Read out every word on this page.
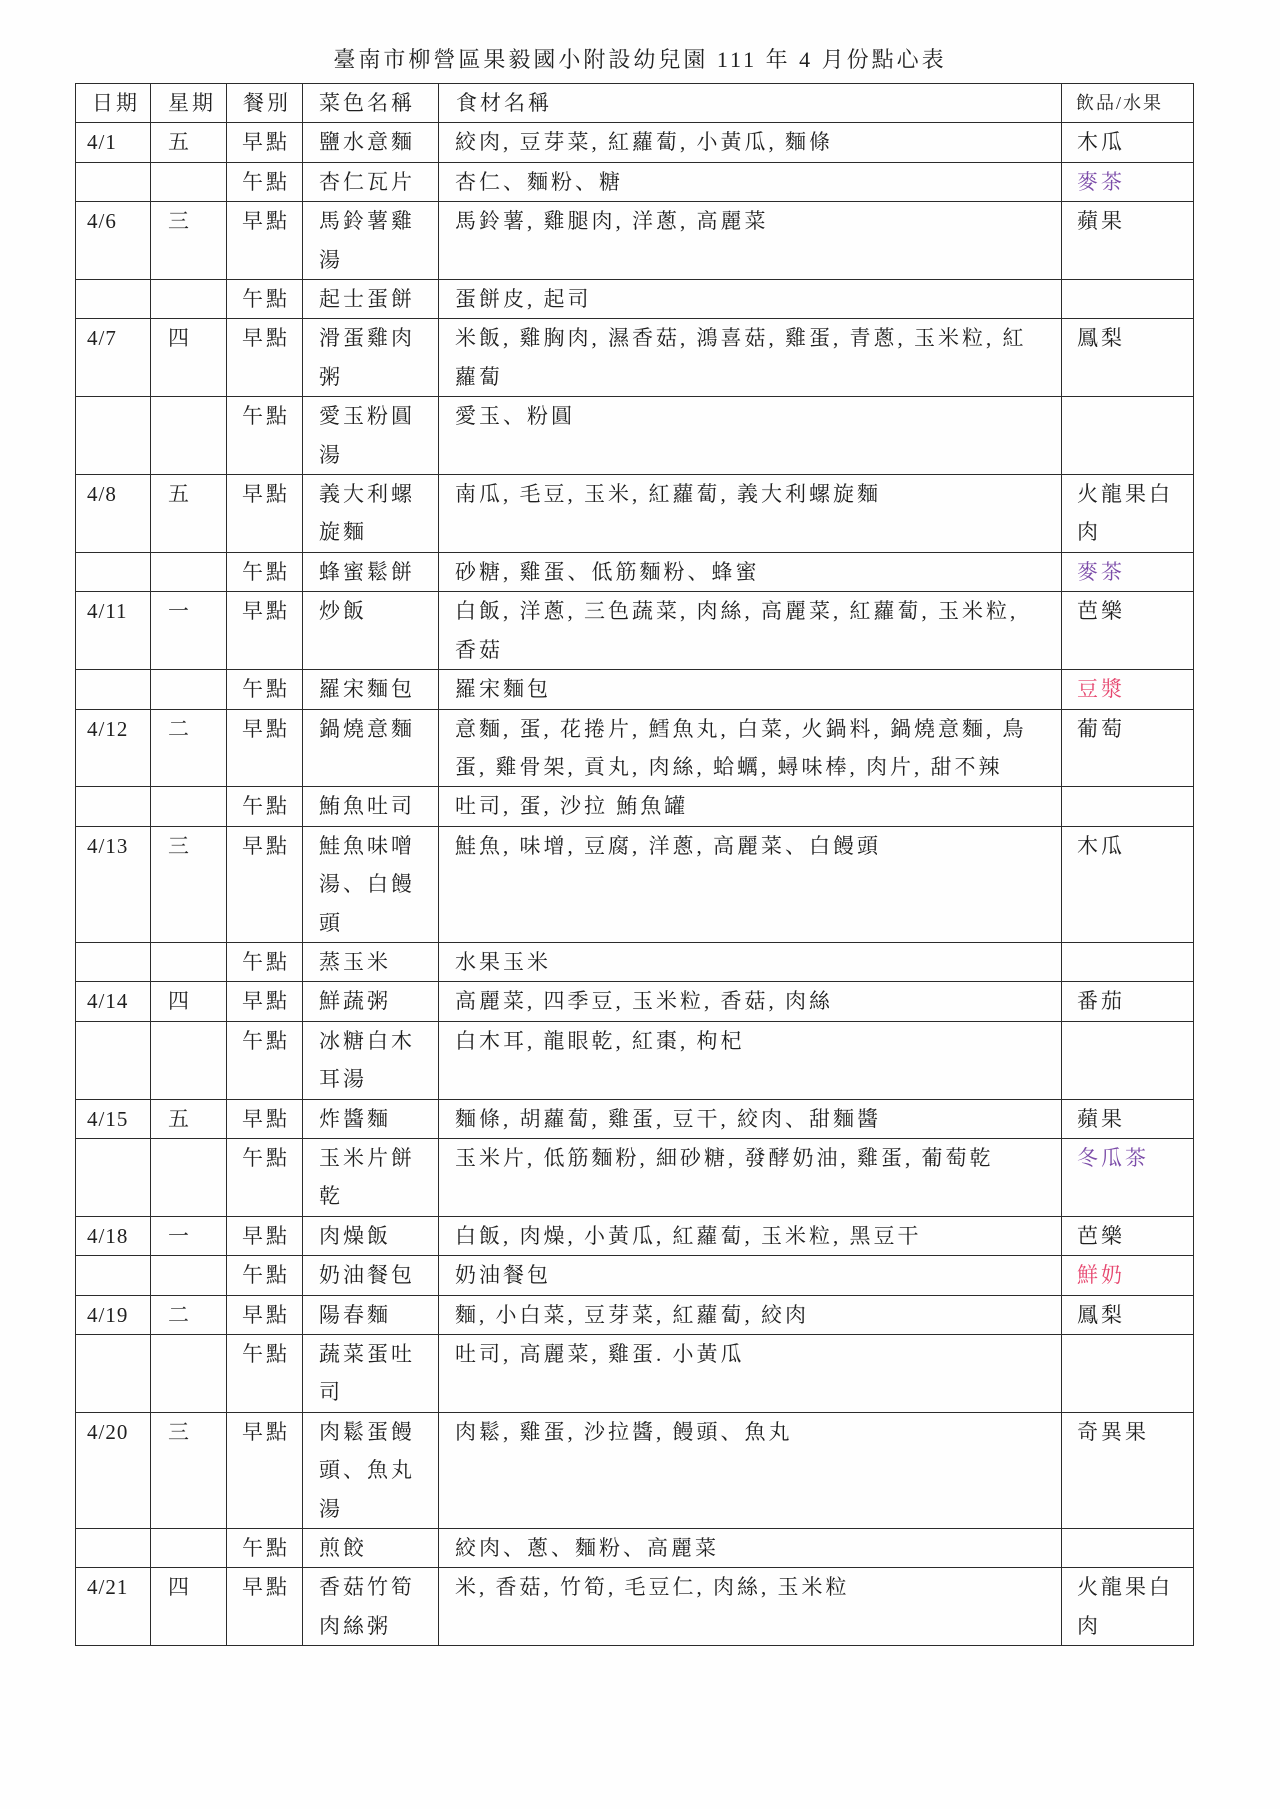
臺南市柳營區果毅國小附設幼兒園 111 年 4 月份點心表
日期	星期	餐別	菜色名稱	食材名稱	飲品/水果
4/1	五	早點	鹽水意麵	絞肉, 豆芽菜, 紅蘿蔔, 小黃瓜, 麵條	木瓜
		午點	杏仁瓦片	杏仁、麵粉、糖	麥茶
4/6	三	早點	馬鈴薯雞湯	馬鈴薯, 雞腿肉, 洋蔥, 高麗菜	蘋果
		午點	起士蛋餅	蛋餅皮, 起司	
4/7	四	早點	滑蛋雞肉粥	米飯, 雞胸肉, 濕香菇, 鴻喜菇, 雞蛋, 青蔥, 玉米粒, 紅蘿蔔	鳳梨
		午點	愛玉粉圓湯	愛玉、粉圓	
4/8	五	早點	義大利螺旋麵	南瓜, 毛豆, 玉米, 紅蘿蔔, 義大利螺旋麵	火龍果白肉
		午點	蜂蜜鬆餅	砂糖, 雞蛋、低筋麵粉、蜂蜜	麥茶
4/11	一	早點	炒飯	白飯, 洋蔥, 三色蔬菜, 肉絲, 高麗菜, 紅蘿蔔, 玉米粒, 香菇	芭樂
		午點	羅宋麵包	羅宋麵包	豆漿
4/12	二	早點	鍋燒意麵	意麵, 蛋, 花捲片, 鱈魚丸, 白菜, 火鍋料, 鍋燒意麵, 鳥蛋, 雞骨架, 貢丸, 肉絲, 蛤蠣, 蟳味棒, 肉片, 甜不辣	葡萄
		午點	鮪魚吐司	吐司, 蛋, 沙拉 鮪魚罐	
4/13	三	早點	鮭魚味噌湯、白饅頭	鮭魚, 味增, 豆腐, 洋蔥, 高麗菜、白饅頭	木瓜
		午點	蒸玉米	水果玉米	
4/14	四	早點	鮮蔬粥	高麗菜, 四季豆, 玉米粒, 香菇, 肉絲	番茄
		午點	冰糖白木耳湯	白木耳, 龍眼乾, 紅棗, 枸杞	
4/15	五	早點	炸醬麵	麵條, 胡蘿蔔, 雞蛋, 豆干, 絞肉、甜麵醬	蘋果
		午點	玉米片餅乾	玉米片, 低筋麵粉, 細砂糖, 發酵奶油, 雞蛋, 葡萄乾	冬瓜茶
4/18	一	早點	肉燥飯	白飯, 肉燥, 小黃瓜, 紅蘿蔔, 玉米粒, 黑豆干	芭樂
		午點	奶油餐包	奶油餐包	鮮奶
4/19	二	早點	陽春麵	麵, 小白菜, 豆芽菜, 紅蘿蔔, 絞肉	鳳梨
		午點	蔬菜蛋吐司	吐司, 高麗菜, 雞蛋. 小黃瓜	
4/20	三	早點	肉鬆蛋饅頭、魚丸湯	肉鬆, 雞蛋, 沙拉醬, 饅頭、魚丸	奇異果
		午點	煎餃	絞肉、蔥、麵粉、高麗菜	
4/21	四	早點	香菇竹筍肉絲粥	米, 香菇, 竹筍, 毛豆仁, 肉絲, 玉米粒	火龍果白肉
